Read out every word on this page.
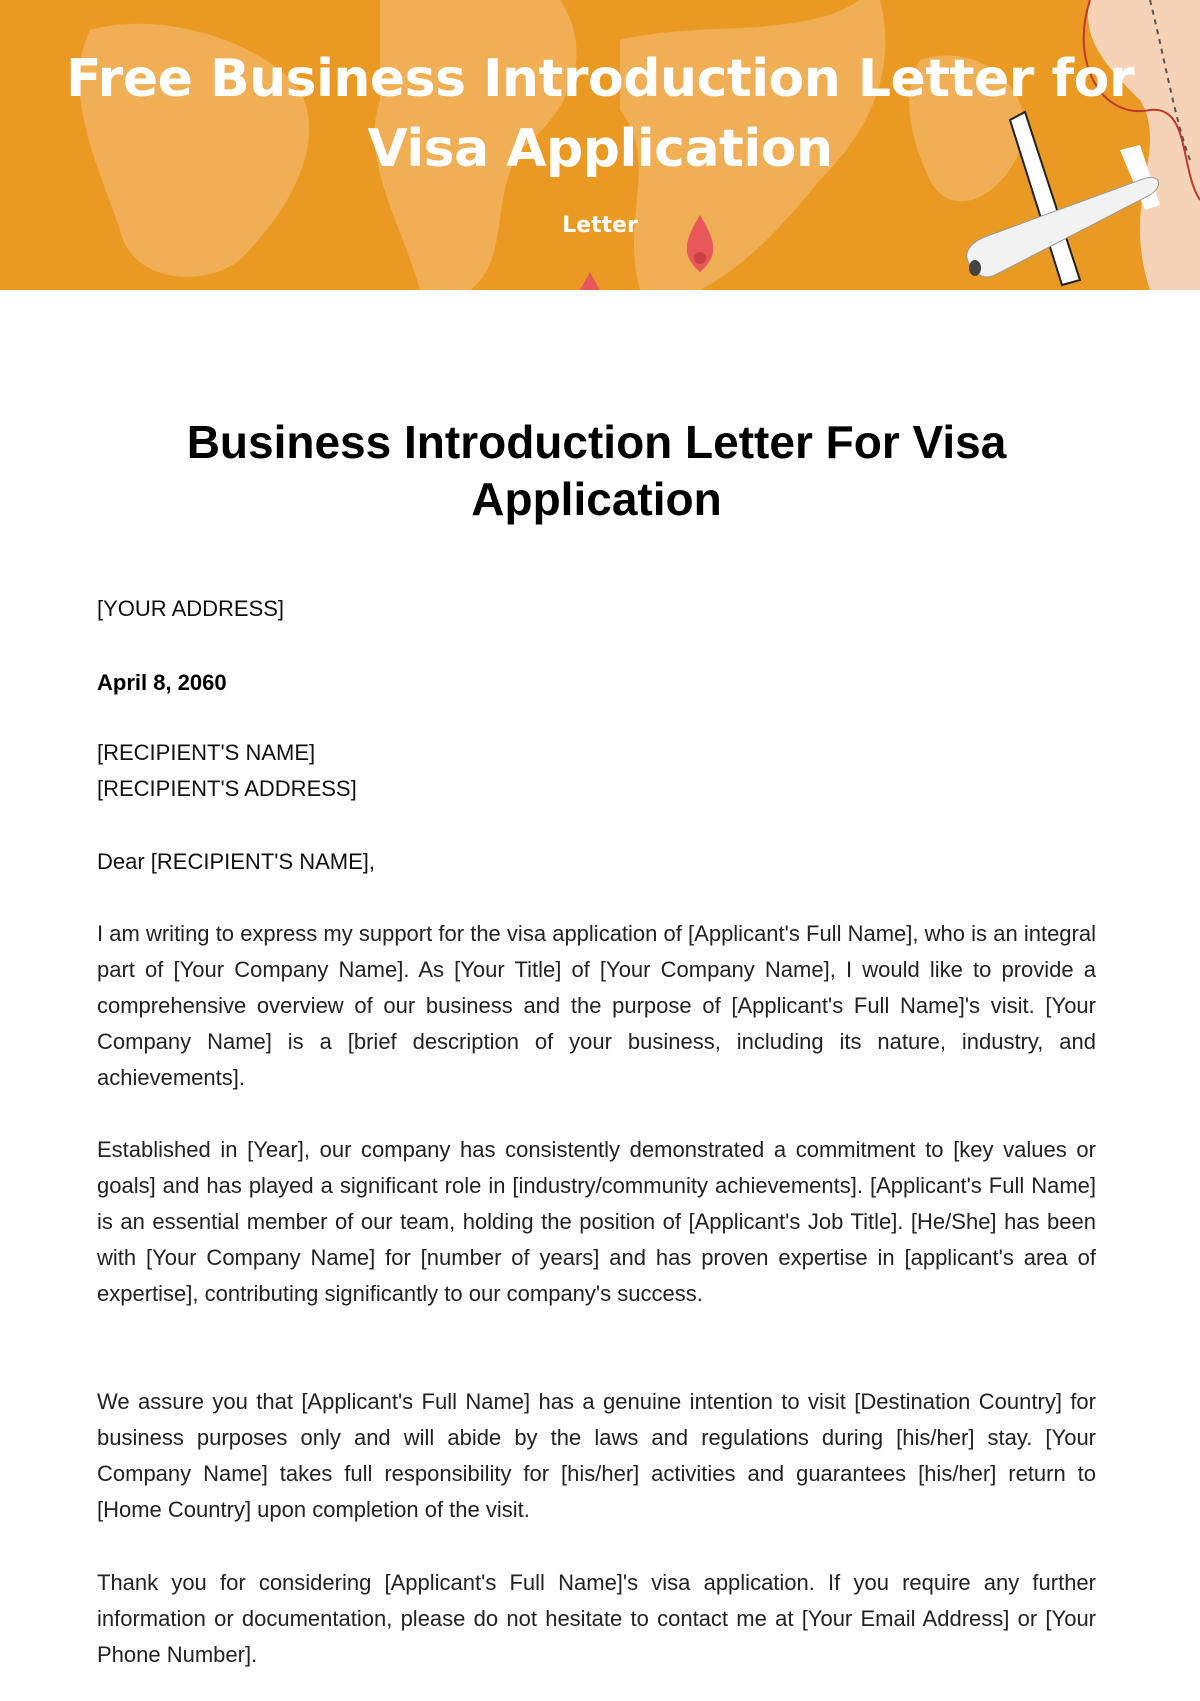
Free Business Introduction Letter for Visa Application
Letter
Business Introduction Letter For Visa Application
[YOUR ADDRESS]
April 8, 2060
[RECIPIENT'S NAME]
[RECIPIENT'S ADDRESS]
Dear [RECIPIENT'S NAME],
I am writing to express my support for the visa application of [Applicant's Full Name], who is an integral part of [Your Company Name]. As [Your Title] of [Your Company Name], I would like to provide a comprehensive overview of our business and the purpose of [Applicant's Full Name]'s visit. [Your Company Name] is a [brief description of your business, including its nature, industry, and achievements].
Established in [Year], our company has consistently demonstrated a commitment to [key values or goals] and has played a significant role in [industry/community achievements]. [Applicant's Full Name] is an essential member of our team, holding the position of [Applicant's Job Title]. [He/She] has been with [Your Company Name] for [number of years] and has proven expertise in [applicant's area of expertise], contributing significantly to our company's success.
We assure you that [Applicant's Full Name] has a genuine intention to visit [Destination Country] for business purposes only and will abide by the laws and regulations during [his/her] stay. [Your Company Name] takes full responsibility for [his/her] activities and guarantees [his/her] return to [Home Country] upon completion of the visit.
Thank you for considering [Applicant's Full Name]'s visa application. If you require any further information or documentation, please do not hesitate to contact me at [Your Email Address] or [Your Phone Number].
